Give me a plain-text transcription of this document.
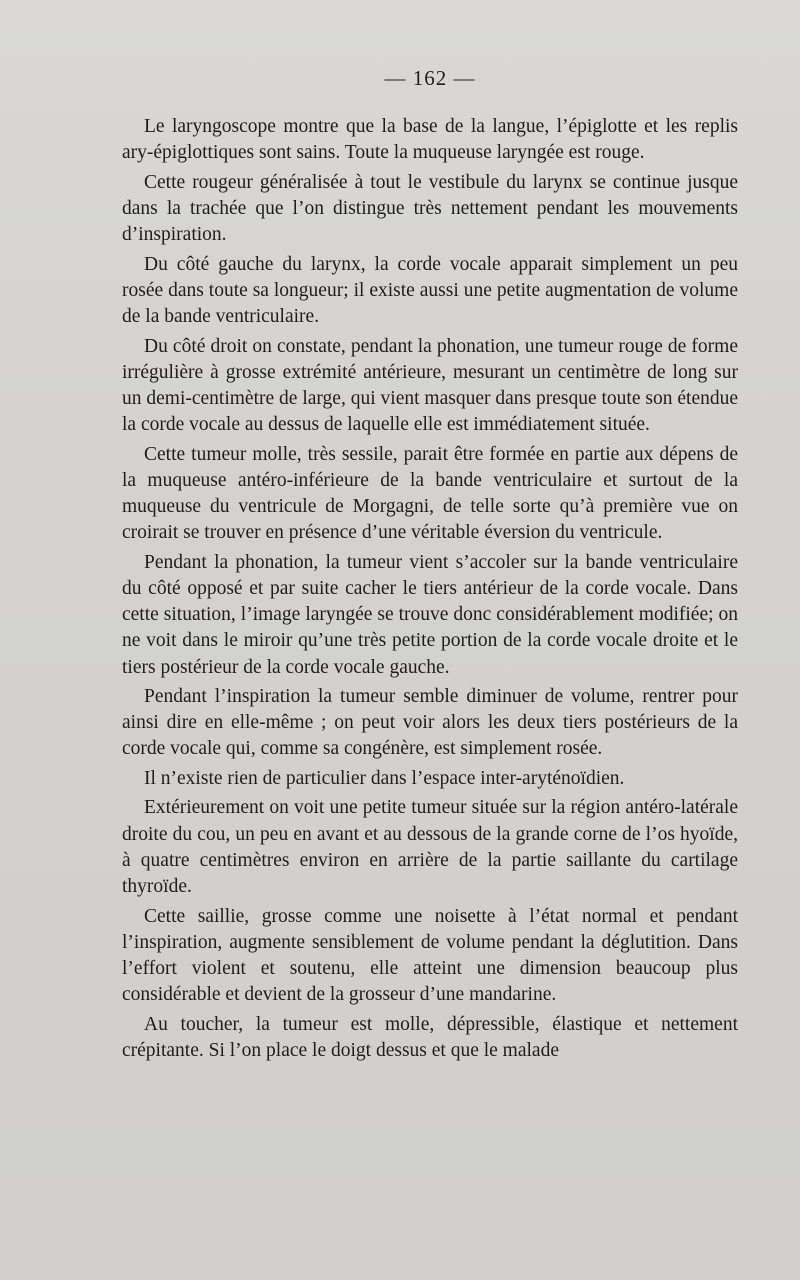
— 162 —

Le laryngoscope montre que la base de la langue, l’épiglotte et les replis ary-épiglottiques sont sains. Toute la muqueuse laryngée est rouge.

Cette rougeur généralisée à tout le vestibule du larynx se continue jusque dans la trachée que l’on distingue très nettement pendant les mouvements d’inspiration.

Du côté gauche du larynx, la corde vocale apparait simplement un peu rosée dans toute sa longueur; il existe aussi une petite augmentation de volume de la bande ventriculaire.

Du côté droit on constate, pendant la phonation, une tumeur rouge de forme irrégulière à grosse extrémité antérieure, mesurant un centimètre de long sur un demi-centimètre de large, qui vient masquer dans presque toute son étendue la corde vocale au dessus de laquelle elle est immédiatement située.

Cette tumeur molle, très sessile, parait être formée en partie aux dépens de la muqueuse antéro-inférieure de la bande ventriculaire et surtout de la muqueuse du ventricule de Morgagni, de telle sorte qu’à première vue on croirait se trouver en présence d’une véritable éversion du ventricule.

Pendant la phonation, la tumeur vient s’accoler sur la bande ventriculaire du côté opposé et par suite cacher le tiers antérieur de la corde vocale. Dans cette situation, l’image laryngée se trouve donc considérablement modifiée; on ne voit dans le miroir qu’une très petite portion de la corde vocale droite et le tiers postérieur de la corde vocale gauche.

Pendant l’inspiration la tumeur semble diminuer de volume, rentrer pour ainsi dire en elle-même ; on peut voir alors les deux tiers postérieurs de la corde vocale qui, comme sa congénère, est simplement rosée.

Il n’existe rien de particulier dans l’espace inter-aryténoïdien.

Extérieurement on voit une petite tumeur située sur la région antéro-latérale droite du cou, un peu en avant et au dessous de la grande corne de l’os hyoïde, à quatre centimètres environ en arrière de la partie saillante du cartilage thyroïde.

Cette saillie, grosse comme une noisette à l’état normal et pendant l’inspiration, augmente sensiblement de volume pendant la déglutition. Dans l’effort violent et soutenu, elle atteint une dimension beaucoup plus considérable et devient de la grosseur d’une mandarine.

Au toucher, la tumeur est molle, dépressible, élastique et nettement crépitante. Si l’on place le doigt dessus et que le malade
